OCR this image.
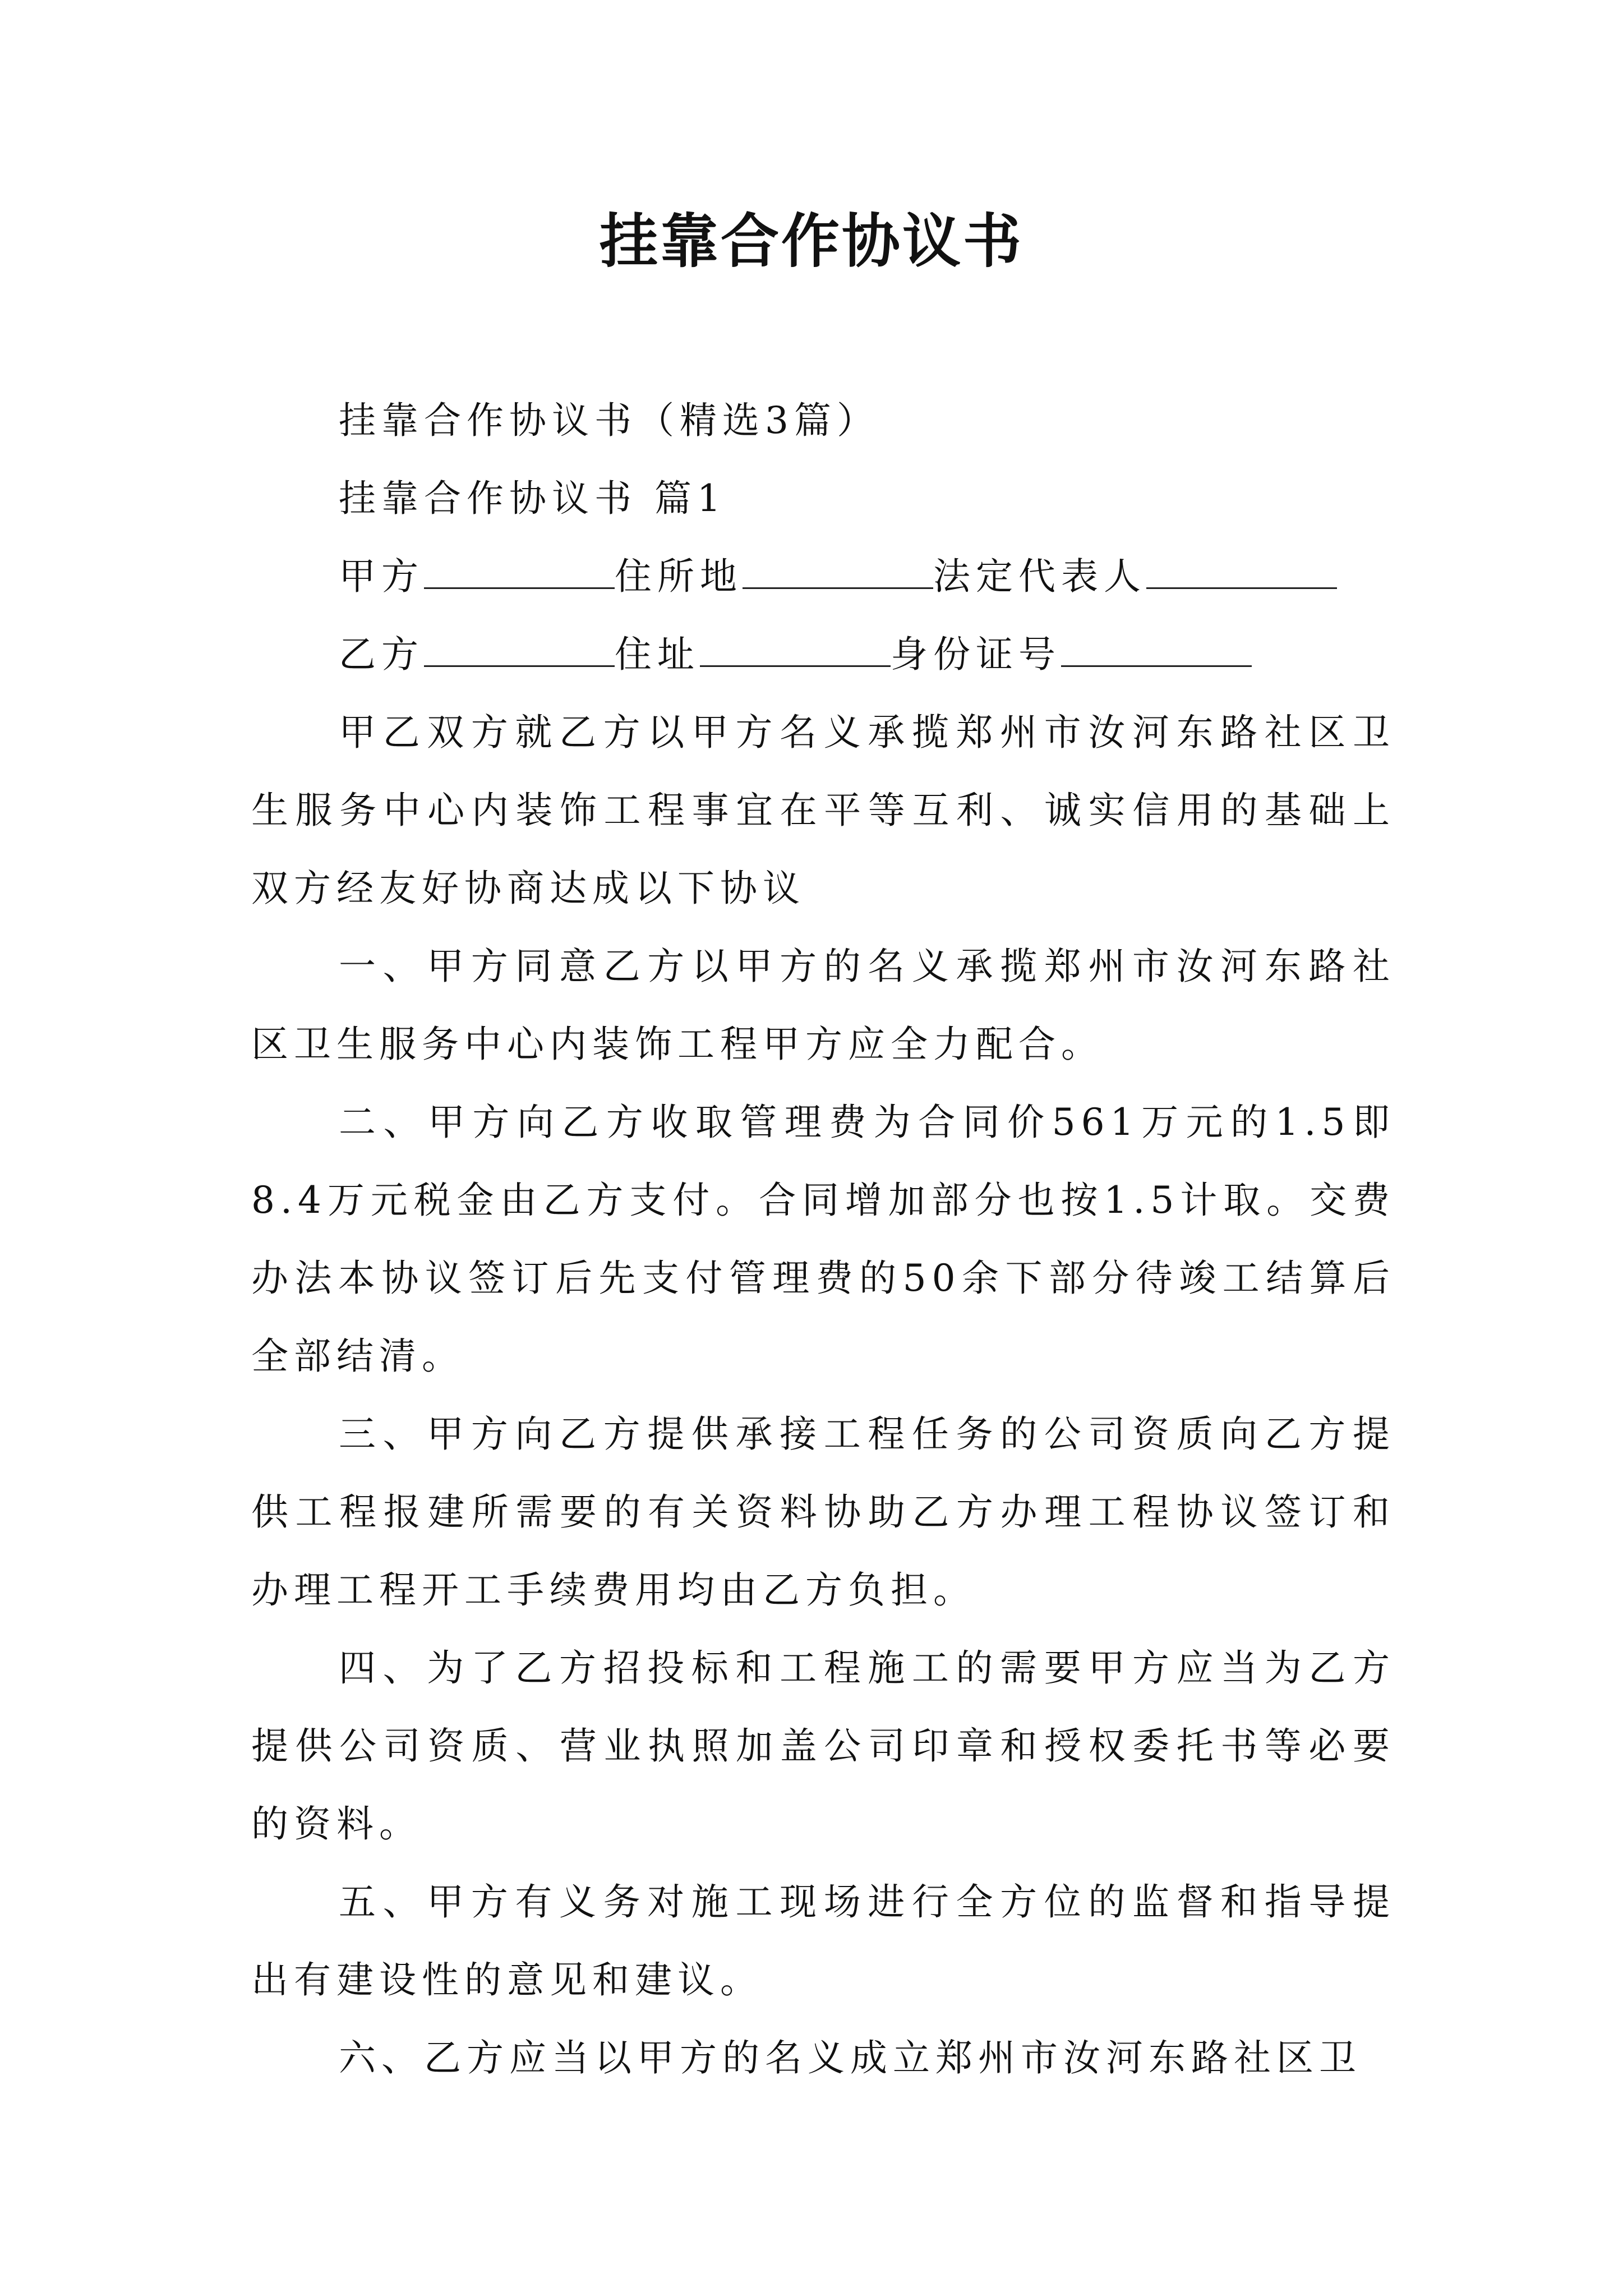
挂靠合作协议书
挂靠合作协议书（精选3篇）
挂靠合作协议书 篇1
甲方	住所地	法定代表人
乙方	住址	身份证号
甲乙双方就乙方以甲方名义承揽郑州市汝河东路社区卫生服务中心内装饰工程事宜在平等互利、诚实信用的基础上双方经友好协商达成以下协议
一、甲方同意乙方以甲方的名义承揽郑州市汝河东路社区卫生服务中心内装饰工程甲方应全力配合。
二、甲方向乙方收取管理费为合同价561万元的1.5即8.4万元税金由乙方支付。合同增加部分也按1.5计取。交费办法本协议签订后先支付管理费的50余下部分待竣工结算后全部结清。
三、甲方向乙方提供承接工程任务的公司资质向乙方提供工程报建所需要的有关资料协助乙方办理工程协议签订和办理工程开工手续费用均由乙方负担。
四、为了乙方招投标和工程施工的需要甲方应当为乙方提供公司资质、营业执照加盖公司印章和授权委托书等必要的资料。
五、甲方有义务对施工现场进行全方位的监督和指导提出有建设性的意见和建议。
六、乙方应当以甲方的名义成立郑州市汝河东路社区卫
